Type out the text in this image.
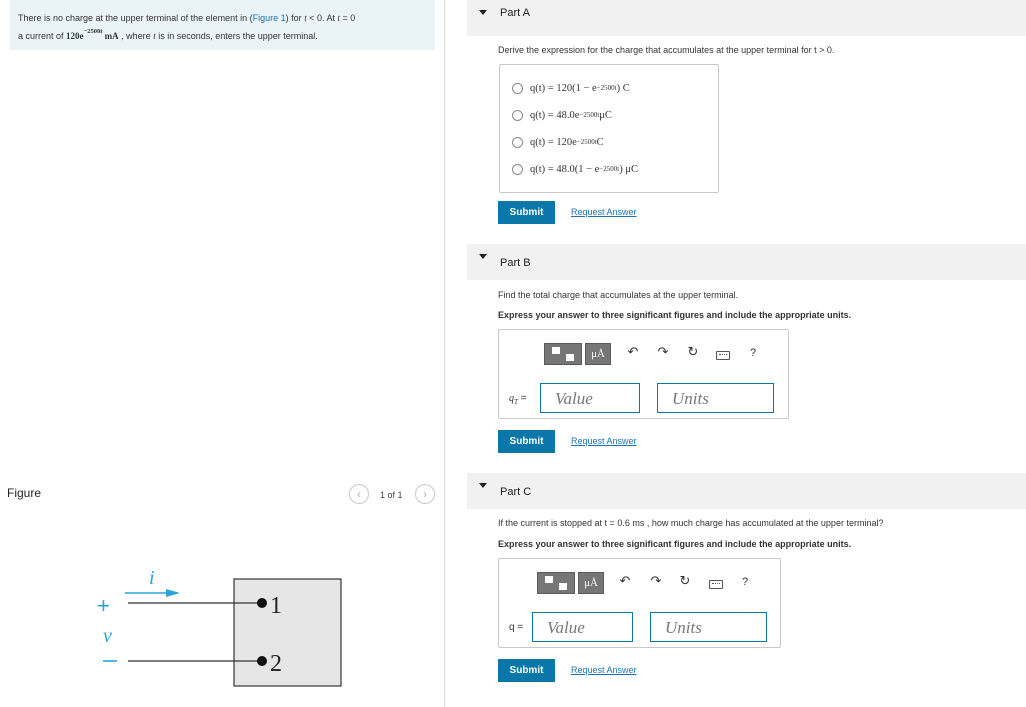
There is no charge at the upper terminal of the element in (Figure 1) for t < 0. At t = 0
a current of $120e^{-2500t}$ mA , where t is in seconds, enters the upper terminal.
Figure	‹	1 of 1	›
i
+
v
1
2
Part A
Derive the expression for the charge that accumulates at the upper terminal for t > 0.
q(t) = 120(1 − e −2500t ) C
q(t) = 48.0e −2500t μC
q(t) = 120e −2500t C
q(t) = 48.0(1 − e −2500t ) μC
Submit	Request Answer
Part B
Find the total charge that accumulates at the upper terminal.
Express your answer to three significant figures and include the appropriate units.
μÅ	↶ ↷ ↻	?
$q_T$ =	Value	Units
Submit	Request Answer
Part C
If the current is stopped at t = 0.6 ms , how much charge has accumulated at the upper terminal?
Express your answer to three significant figures and include the appropriate units.
μÅ	↶ ↷ ↻	?
q =	Value	Units
Submit	Request Answer
